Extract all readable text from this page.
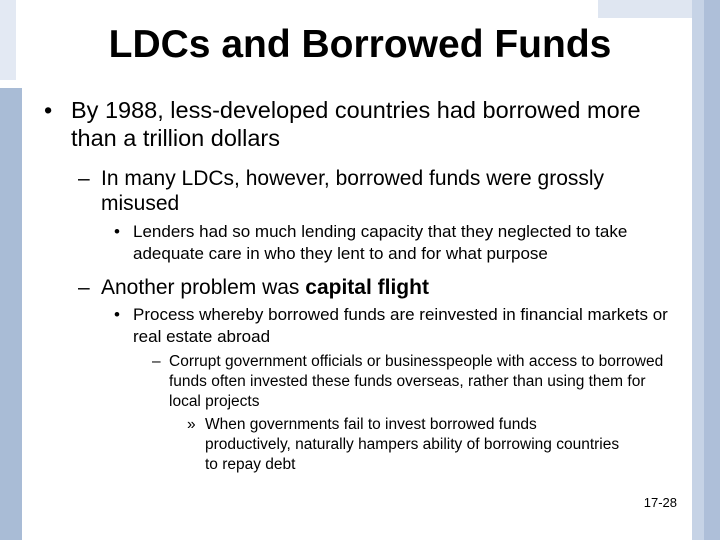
LDCs and Borrowed Funds
• By 1988, less-developed countries had borrowed more than a trillion dollars
– In many LDCs, however, borrowed funds were grossly misused
• Lenders had so much lending capacity that they neglected to take adequate care in who they lent to and for what purpose
– Another problem was capital flight
• Process whereby borrowed funds are reinvested in financial markets or real estate abroad
– Corrupt government officials or businesspeople with access to borrowed funds often invested these funds overseas, rather than using them for local projects
» When governments fail to invest borrowed funds productively, naturally hampers ability of borrowing countries to repay debt
17-28
